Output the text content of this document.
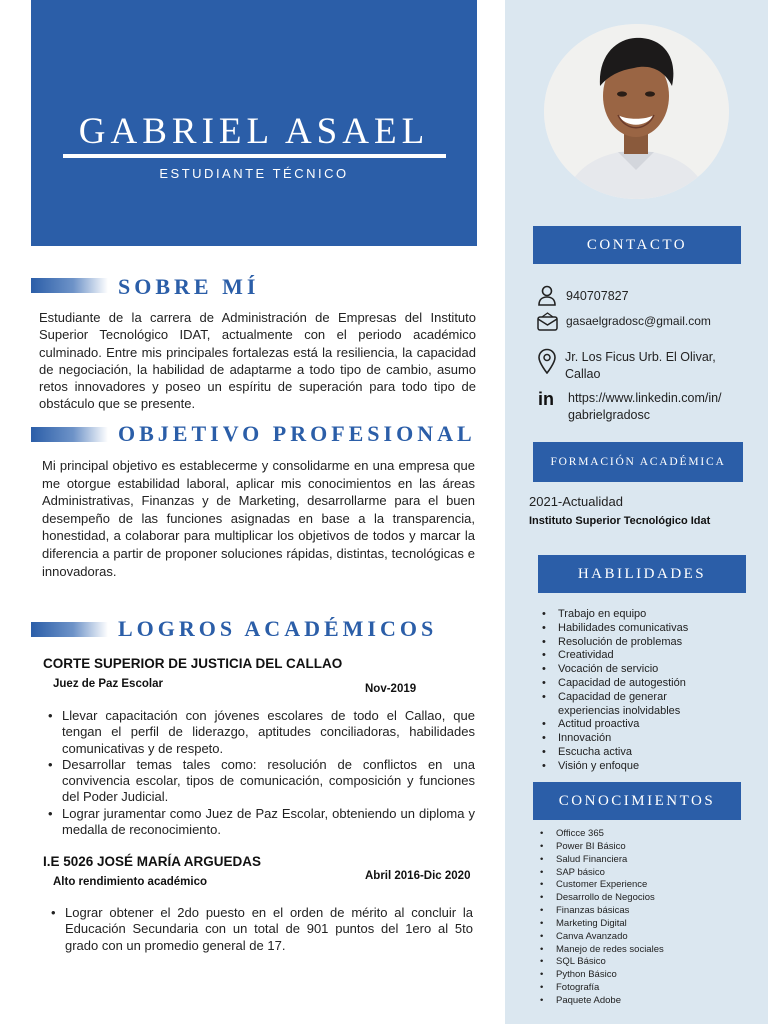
GABRIEL ASAEL
ESTUDIANTE TÉCNICO
SOBRE MÍ
Estudiante de la carrera de Administración de Empresas del Instituto Superior Tecnológico IDAT, actualmente con el periodo académico culminado. Entre mis principales fortalezas está la resiliencia, la capacidad de negociación, la habilidad de adaptarme a todo tipo de cambio, asumo retos innovadores y poseo un espíritu de superación para todo tipo de obstáculo que se presente.
OBJETIVO PROFESIONAL
Mi principal objetivo es establecerme y consolidarme en una empresa que me otorgue estabilidad laboral, aplicar mis conocimientos en las áreas Administrativas, Finanzas y de Marketing, desarrollarme para el buen desempeño de las funciones asignadas en base a la transparencia, honestidad, a colaborar para multiplicar los objetivos de todos y marcar la diferencia a partir de proponer soluciones rápidas, distintas, tecnológicas e innovadoras.
LOGROS ACADÉMICOS
CORTE SUPERIOR DE JUSTICIA DEL CALLAO
Juez de Paz Escolar	Nov-2019
• Llevar capacitación con jóvenes escolares de todo el Callao, que tengan el perfil de liderazgo, aptitudes conciliadoras, habilidades comunicativas y de respeto.
• Desarrollar temas tales como: resolución de conflictos en una convivencia escolar, tipos de comunicación, composición y funciones del Poder Judicial.
• Lograr juramentar como Juez de Paz Escolar, obteniendo un diploma y medalla de reconocimiento.
I.E 5026 JOSÉ MARÍA ARGUEDAS
Alto rendimiento académico	Abril 2016-Dic 2020
• Lograr obtener el 2do puesto en el orden de mérito al concluir la Educación Secundaria con un total de 901 puntos del 1ero al 5to grado con un promedio general de 17.
CONTACTO
940707827
gasaelgradosc@gmail.com
Jr. Los Ficus Urb. El Olivar,
Callao
in https://www.linkedin.com/in/
gabrielgradosc
FORMACIÓN ACADÉMICA
2021-Actualidad
Instituto Superior Tecnológico Idat
HABILIDADES
• Trabajo en equipo
• Habilidades comunicativas
• Resolución de problemas
• Creatividad
• Vocación de servicio
• Capacidad de autogestión
• Capacidad de generar experiencias inolvidables
• Actitud proactiva
• Innovación
• Escucha activa
• Visión y enfoque
CONOCIMIENTOS
• Officce 365
• Power BI Básico
• Salud Financiera
• SAP básico
• Customer Experience
• Desarrollo de Negocios
• Finanzas básicas
• Marketing Digital
• Canva Avanzado
• Manejo de redes sociales
• SQL Básico
• Python Básico
• Fotografía
• Paquete Adobe
